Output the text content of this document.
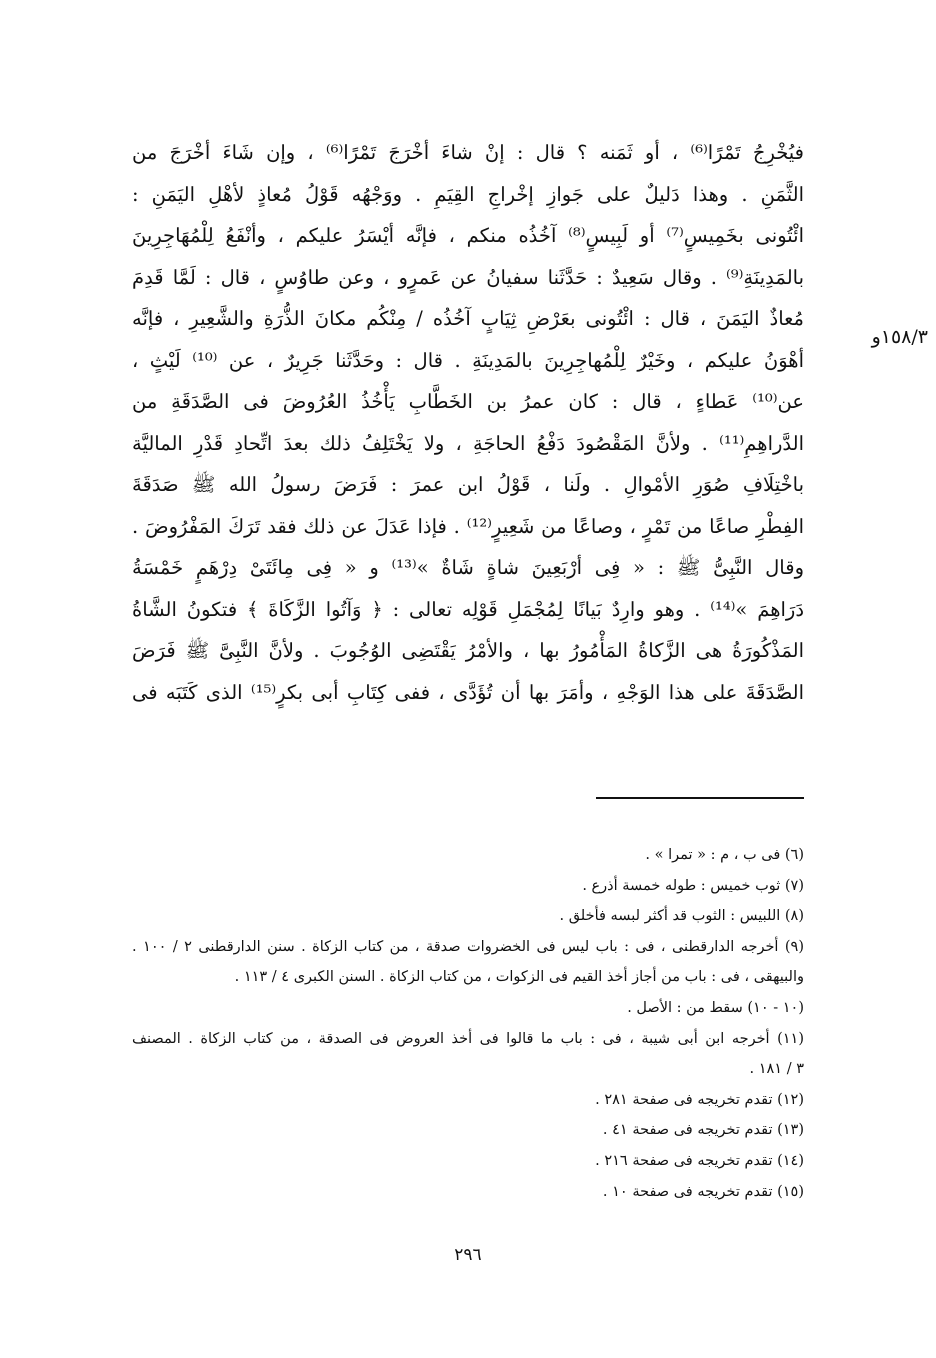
فيُخْرِجُ تَمْرًا⁽⁶⁾ ، أو ثَمَنه ؟ قال : إنْ شاءَ أخْرَجَ تَمْرًا⁽⁶⁾ ، وإن شَاءَ أخْرَجَ من
الثَّمَنِ . وهذا دَليلٌ على جَوازِ إخْراجِ القِيَمِ . ووَجْهُه قَوْلُ مُعاذٍ لأهْلِ اليَمَنِ :
ائْتُونى بخَمِيسٍ⁽⁷⁾ أو لَبِيسٍ⁽⁸⁾ آخُذُه منكم ، فإنَّه أيْسَرُ عليكم ، وأنْفَعُ لِلْمُهَاجِرِينَ
بالمَدِينَةِ⁽⁹⁾ . وقال سَعِيدٌ : حَدَّثَنا سفيانُ عن عَمرٍو ، وعن طاوُسٍ ، قال : لَمَّا قَدِمَ
مُعاذٌ اليَمَنَ ، قال : ائْتُونى بعَرْضِ ثِيَابٍ آخُذُه / مِنْكُم مكانَ الذُّرَةِ والشَّعِيرِ ، فإنَّه
أهْوَنُ عليكم ، وخَيْرٌ لِلْمُهاجِرِينَ بالمَدِينَةِ . قال : وحَدَّثَنا جَرِيرٌ ، عن ⁽¹⁰⁾ لَيْثٍ ،
عن⁽¹⁰⁾ عَطاءٍ ، قال : كان عمرُ بن الخَطَّابِ يَأْخُذُ العُرُوضَ فى الصَّدَقَةِ من
الدَّراهِمِ⁽¹¹⁾ . ولأنَّ المَقْصُودَ دَفْعُ الحاجَةِ ، ولا يَخْتَلِفُ ذلك بعدَ اتِّحادِ قَدْرِ الماليَّة
باخْتِلَافِ صُوَرِ الأمْوالِ . ولَنا ، قَوْلُ ابن عمرَ : فَرَضَ رسولُ الله ﷺ صَدَقَةَ
الفِطْرِ صاعًا من تَمْرٍ ، وصاعًا من شَعِيرٍ⁽¹²⁾ . فإذا عَدَلَ عن ذلك فقد تَرَكَ المَفْرُوضَ .
وقال النَّبِىُّ ﷺ : « فِى أرْبَعِينَ شاةٍ شَاةٌ »⁽¹³⁾ و « فِى مِائَتَىْ دِرْهَمٍ خَمْسَةُ
دَرَاهِمَ »⁽¹⁴⁾ . وهو وارِدٌ بَيانًا لِمُجْمَلِ قَوْلِه تعالى : ﴿ وَآتُوا الزَّكَاةَ ﴾ فتكونُ الشَّاةُ
المَذْكُورَةُ هى الزَّكاةُ المَأْمُورُ بها ، والأمْرُ يَقْتَضِى الوُجُوبَ . ولأنَّ النَّبِىَّ ﷺ فَرَضَ
الصَّدَقَةَ على هذا الوَجْهِ ، وأمَرَ بها أن تُؤَدَّى ، ففى كِتَابِ أبى بكرٍ⁽¹⁵⁾ الذى كَتَبَه فى
١٥٨/٣و
(٦) فى ب ، م : « تمرا » .
(٧) ثوب خميس : طوله خمسة أذرع .
(٨) اللبيس : الثوب قد أكثر لبسه فأخلق .
(٩) أخرجه الدارقطنى ، فى : باب ليس فى الخضروات صدقة ، من كتاب الزكاة . سنن الدارقطنى ٢ / ١٠٠ .
والبيهقى ، فى : باب من أجاز أخذ القيم فى الزكوات ، من كتاب الزكاة . السنن الكبرى ٤ / ١١٣ .
(١٠ - ١٠) سقط من : الأصل .
(١١) أخرجه ابن أبى شيبة ، فى : باب ما قالوا فى أخذ العروض فى الصدقة ، من كتاب الزكاة . المصنف
٣ / ١٨١ .
(١٢) تقدم تخريجه فى صفحة ٢٨١ .
(١٣) تقدم تخريجه فى صفحة ٤١ .
(١٤) تقدم تخريجه فى صفحة ٢١٦ .
(١٥) تقدم تخريجه فى صفحة ١٠ .
٢٩٦
